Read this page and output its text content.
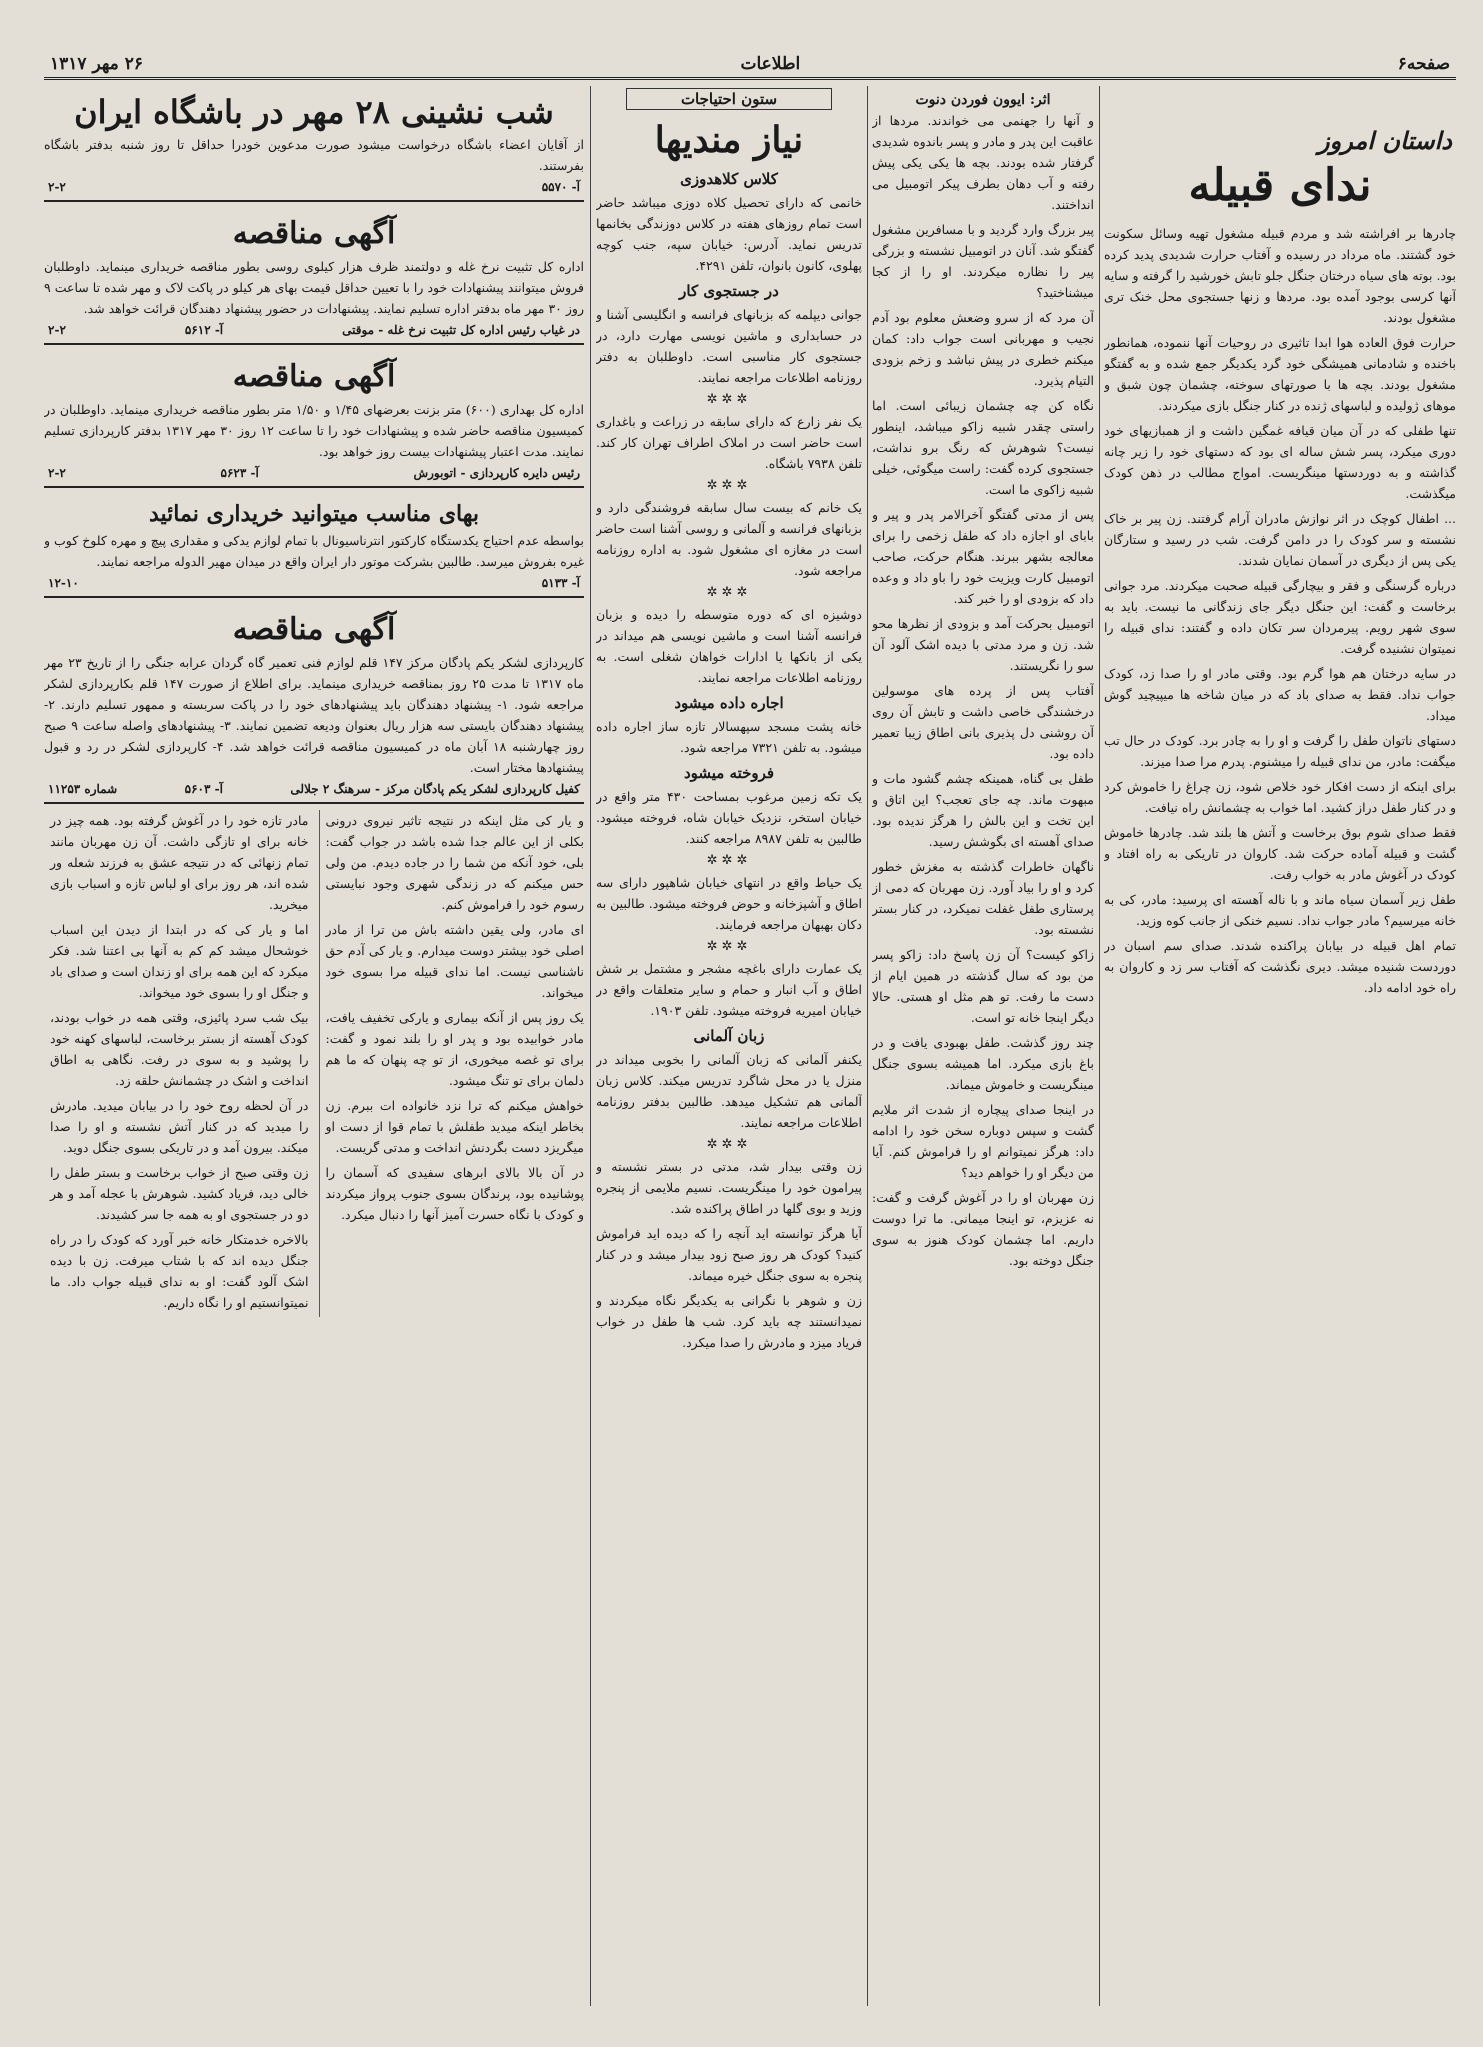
صفحه۶
اطلاعات
۲۶ مهر ۱۳۱۷
داستان امروز
ندای قبیله

چادرها بر افراشته شد و مردم قبیله مشغول تهیه وسائل سکونت خود گشتند. ماه مرداد در رسیده و آفتاب حرارت شدیدی پدید کرده بود. بوته های سیاه درختان جنگل جلو تابش خورشید را گرفته و سایه آنها کرسی بوجود آمده بود. مردها و زنها جستجوی محل خنک تری مشغول بودند.

حرارت فوق العاده هوا ابدا تاثیری در روحیات آنها ننموده، همانطور باخنده و شادمانی همیشگی خود گرد یکدیگر جمع شده و به گفتگو مشغول بودند. بچه ها با صورتهای سوخته، چشمان چون شبق و موهای ژولیده و لباسهای ژنده در کنار جنگل بازی میکردند.

تنها طفلی که در آن میان قیافه غمگین داشت و از همبازیهای خود دوری میکرد، پسر شش ساله ای بود که دستهای خود را زیر چانه گذاشته و به دوردستها مینگریست. امواج مطالب در ذهن کودک میگذشت.

... اطفال کوچک در اثر نوازش مادران آرام گرفتند. زن پیر بر خاک نشسته و سر کودک را در دامن گرفت. شب در رسید و ستارگان یکی پس از دیگری در آسمان نمایان شدند.

درباره گرسنگی و فقر و بیچارگی قبیله صحبت میکردند. مرد جوانی برخاست و گفت: این جنگل دیگر جای زندگانی ما نیست. باید به سوی شهر رویم. پیرمردان سر تکان داده و گفتند: ندای قبیله را نمیتوان نشنیده گرفت.

در سایه درختان هم هوا گرم بود. وقتی مادر او را صدا زد، کودک جواب نداد. فقط به صدای باد که در میان شاخه ها میپیچید گوش میداد.

دستهای ناتوان طفل را گرفت و او را به چادر برد. کودک در حال تب میگفت: مادر، من ندای قبیله را میشنوم. پدرم مرا صدا میزند.

برای اینکه از دست افکار خود خلاص شود، زن چراغ را خاموش کرد و در کنار طفل دراز کشید. اما خواب به چشمانش راه نیافت.

فقط صدای شوم بوق برخاست و آتش ها بلند شد. چادرها خاموش گشت و قبیله آماده حرکت شد. کاروان در تاریکی به راه افتاد و کودک در آغوش مادر به خواب رفت.

طفل زیر آسمان سیاه ماند و با ناله آهسته ای پرسید: مادر، کی به خانه میرسیم؟ مادر جواب نداد. نسیم خنکی از جانب کوه وزید.

تمام اهل قبیله در بیابان پراکنده شدند. صدای سم اسبان در دوردست شنیده میشد. دیری نگذشت که آفتاب سر زد و کاروان به راه خود ادامه داد.

اثر: ایوون فوردن دنوت

و آنها را جهنمی می خواندند. مردها از عاقبت این پدر و مادر و پسر باندوه شدیدی گرفتار شده بودند. بچه ها یکی یکی پیش رفته و آب دهان بطرف پیکر اتومبیل می انداختند.

پیر بزرگ وارد گردید و با مسافرین مشغول گفتگو شد. آنان در اتومبیل نشسته و بزرگی پیر را نظاره میکردند. او را از کجا میشناختید؟

آن مرد که از سرو وضعش معلوم بود آدم نجیب و مهربانی است جواب داد: کمان میکنم خطری در پیش نباشد و زخم بزودی التیام پذیرد.

نگاه کن چه چشمان زیبائی است. اما راستی چقدر شبیه زاکو میباشد، اینطور نیست؟ شوهرش که رنگ برو نداشت، جستجوی کرده گفت: راست میگوئی، خیلی شبیه زاکوی ما است.

پس از مدتی گفتگو آخرالامر پدر و پیر و بابای او اجازه داد که طفل زخمی را برای معالجه بشهر ببرند. هنگام حرکت، صاحب اتومبیل کارت ویزیت خود را باو داد و وعده داد که بزودی او را خبر کند.

اتومبیل بحرکت آمد و بزودی از نظرها محو شد. زن و مرد مدتی با دیده اشک آلود آن سو را نگریستند.

آفتاب پس از پرده های موسولین درخشندگی خاصی داشت و تابش آن روی آن روشنی دل پذیری بانی اطاق زیبا تعمیر داده بود.

طفل بی گناه، همینکه چشم گشود مات و مبهوت ماند. چه جای تعجب؟ این اتاق و این تخت و این بالش را هرگز ندیده بود. صدای آهسته ای بگوشش رسید.

ناگهان خاطرات گذشته به مغزش خطور کرد و او را بیاد آورد. زن مهربان که دمی از پرستاری طفل غفلت نمیکرد، در کنار بستر نشسته بود.

زاکو کیست؟ آن زن پاسخ داد: زاکو پسر من بود که سال گذشته در همین ایام از دست ما رفت. تو هم مثل او هستی. حالا دیگر اینجا خانه تو است.

چند روز گذشت. طفل بهبودی یافت و در باغ بازی میکرد. اما همیشه بسوی جنگل مینگریست و خاموش میماند.

در اینجا صدای پیچاره از شدت اثر ملایم گشت و سپس دوباره سخن خود را ادامه داد: هرگز نمیتوانم او را فراموش کنم. آیا من دیگر او را خواهم دید؟

زن مهربان او را در آغوش گرفت و گفت: نه عزیزم، تو اینجا میمانی. ما ترا دوست داریم. اما چشمان کودک هنوز به سوی جنگل دوخته بود.

ستون احتیاجات
نیاز مندیها
کلاس کلاهدوزی

خانمی که دارای تحصیل کلاه دوزی میباشد حاضر است تمام روزهای هفته در کلاس دوزندگی بخانمها تدریس نماید. آدرس: خیابان سپه، جنب کوچه پهلوی، کانون بانوان، تلفن ۴۲۹۱.

در جستجوی کار

جوانی دیپلمه که بزبانهای فرانسه و انگلیسی آشنا و در حسابداری و ماشین نویسی مهارت دارد، در جستجوی کار مناسبی است. داوطلبان به دفتر روزنامه اطلاعات مراجعه نمایند.

✲✲✲

یک نفر زارع که دارای سابقه در زراعت و باغداری است حاضر است در املاک اطراف تهران کار کند. تلفن ۷۹۳۸ باشگاه.

✲✲✲

یک خانم که بیست سال سابقه فروشندگی دارد و بزبانهای فرانسه و آلمانی و روسی آشنا است حاضر است در مغازه ای مشغول شود. به اداره روزنامه مراجعه شود.

✲✲✲

دوشیزه ای که دوره متوسطه را دیده و بزبان فرانسه آشنا است و ماشین نویسی هم میداند در یکی از بانکها یا ادارات خواهان شغلی است. به روزنامه اطلاعات مراجعه نمایند.

اجاره داده میشود

خانه پشت مسجد سپهسالار تازه ساز اجاره داده میشود. به تلفن ۷۳۲۱ مراجعه شود.

فروخته میشود

یک تکه زمین مرغوب بمساحت ۴۳۰ متر واقع در خیابان استخر، نزدیک خیابان شاه، فروخته میشود. طالبین به تلفن ۸۹۸۷ مراجعه کنند.

✲✲✲

یک حیاط واقع در انتهای خیابان شاهپور دارای سه اطاق و آشپزخانه و حوض فروخته میشود. طالبین به دکان بهبهان مراجعه فرمایند.

✲✲✲

یک عمارت دارای باغچه مشجر و مشتمل بر شش اطاق و آب انبار و حمام و سایر متعلقات واقع در خیابان امیریه فروخته میشود. تلفن ۱۹۰۳.

زبان آلمانی

یکنفر آلمانی که زبان آلمانی را بخوبی میداند در منزل یا در محل شاگرد تدریس میکند. کلاس زبان آلمانی هم تشکیل میدهد. طالبین بدفتر روزنامه اطلاعات مراجعه نمایند.

✲✲✲

زن وقتی بیدار شد، مدتی در بستر نشسته و پیرامون خود را مینگریست. نسیم ملایمی از پنجره وزید و بوی گلها در اطاق پراکنده شد.

آیا هرگز توانسته اید آنچه را که دیده اید فراموش کنید؟ کودک هر روز صبح زود بیدار میشد و در کنار پنجره به سوی جنگل خیره میماند.

زن و شوهر با نگرانی به یکدیگر نگاه میکردند و نمیدانستند چه باید کرد. شب ها طفل در خواب فریاد میزد و مادرش را صدا میکرد.

شب نشینی ۲۸ مهر در باشگاه ایران

از آقایان اعضاء باشگاه درخواست میشود صورت مدعوین خودرا حداقل تا روز شنبه بدفتر باشگاه بفرستند.

آ- ۵۵۷۰
۲-۲
آگهی مناقصه

اداره کل تثبیت نرخ غله و دولتمند ظرف هزار کیلوی روسی بطور مناقصه خریداری مینماید. داوطلبان فروش میتوانند پیشنهادات خود را با تعیین حداقل قیمت بهای هر کیلو در پاکت لاک و مهر شده تا ساعت ۹ روز ۳۰ مهر ماه بدفتر اداره تسلیم نمایند. پیشنهادات در حضور پیشنهاد دهندگان قرائت خواهد شد.

در غیاب رئیس اداره کل تثبیت نرخ غله - موقتی
آ- ۵۶۱۲
۲-۲
آگهی مناقصه

اداره کل بهداری (۶۰۰) متر بزنت بعرضهای ۱/۴۵ و ۱/۵۰ متر بطور مناقصه خریداری مینماید. داوطلبان در کمیسیون مناقصه حاضر شده و پیشنهادات خود را تا ساعت ۱۲ روز ۳۰ مهر ۱۳۱۷ بدفتر کارپردازی تسلیم نمایند. مدت اعتبار پیشنهادات بیست روز خواهد بود.

رئیس دایره کارپردازی - اتوبورش
آ- ۵۶۲۳
۲-۲
بهای مناسب میتوانید خریداری نمائید

بواسطه عدم احتیاج یکدستگاه کارکتور انترناسیونال با تمام لوازم یدکی و مقداری پیچ و مهره کلوخ کوب و غیره بفروش میرسد. طالبین بشرکت موتور دار ایران واقع در میدان مهیر الدوله مراجعه نمایند.

آ- ۵۱۳۳
۱۲-۱۰
آگهی مناقصه

کارپردازی لشکر یکم پادگان مرکز ۱۴۷ قلم لوازم فنی تعمیر گاه گردان عرابه جنگی را از تاریخ ۲۳ مهر ماه ۱۳۱۷ تا مدت ۲۵ روز بمناقصه خریداری مینماید. برای اطلاع از صورت ۱۴۷ قلم بکارپردازی لشکر مراجعه شود. ۱- پیشنهاد دهندگان باید پیشنهادهای خود را در پاکت سربسته و ممهور تسلیم دارند. ۲- پیشنهاد دهندگان بایستی سه هزار ریال بعنوان ودیعه تضمین نمایند. ۳- پیشنهادهای واصله ساعت ۹ صبح روز چهارشنبه ۱۸ آبان ماه در کمیسیون مناقصه قرائت خواهد شد. ۴- کارپردازی لشکر در رد و قبول پیشنهادها مختار است.

کفیل کارپردازی لشکر یکم پادگان مرکز - سرهنگ ۲ جلالی
آ- ۵۶۰۳
شماره ۱۱۲۵۳

و یار کی مثل اینکه در نتیجه تاثیر نیروی درونی بکلی از این عالم جدا شده باشد در جواب گفت: بلی، خود آنکه من شما را در جاده دیدم. من ولی حس میکنم که در زندگی شهری وجود نبایستی رسوم خود را فراموش کنم.

ای مادر، ولی یقین داشته باش من ترا از مادر اصلی خود بیشتر دوست میدارم. و یار کی آدم حق ناشناسی نیست. اما ندای قبیله مرا بسوی خود میخواند.

یک روز پس از آنکه بیماری و یارکی تخفیف یافت، مادر خوابیده بود و پدر او را بلند نمود و گفت: برای تو غصه میخوری، از تو چه پنهان که ما هم دلمان برای تو تنگ میشود.

خواهش میکنم که ترا نزد خانواده ات ببرم. زن بخاطر اینکه میدید طفلش با تمام قوا از دست او میگریزد دست بگردنش انداخت و مدتی گریست.

در آن بالا بالای ابرهای سفیدی که آسمان را پوشانیده بود، پرندگان بسوی جنوب پرواز میکردند و کودک با نگاه حسرت آمیز آنها را دنبال میکرد.

مادر تازه خود را در آغوش گرفته بود. همه چیز در خانه برای او تازگی داشت. آن زن مهربان مانند تمام زنهائی که در نتیجه عشق به فرزند شعله ور شده اند، هر روز برای او لباس تازه و اسباب بازی میخرید.

اما و یار کی که در ابتدا از دیدن این اسباب خوشحال میشد کم کم به آنها بی اعتنا شد. فکر میکرد که این همه برای او زندان است و صدای باد و جنگل او را بسوی خود میخواند.

بیک شب سرد پائیزی، وقتی همه در خواب بودند، کودک آهسته از بستر برخاست، لباسهای کهنه خود را پوشید و به سوی در رفت. نگاهی به اطاق انداخت و اشک در چشمانش حلقه زد.

در آن لحظه روح خود را در بیابان میدید. مادرش را میدید که در کنار آتش نشسته و او را صدا میکند. بیرون آمد و در تاریکی بسوی جنگل دوید.

زن وقتی صبح از خواب برخاست و بستر طفل را خالی دید، فریاد کشید. شوهرش با عجله آمد و هر دو در جستجوی او به همه جا سر کشیدند.

بالاخره خدمتکار خانه خبر آورد که کودک را در راه جنگل دیده اند که با شتاب میرفت. زن با دیده اشک آلود گفت: او به ندای قبیله جواب داد. ما نمیتوانستیم او را نگاه داریم.
